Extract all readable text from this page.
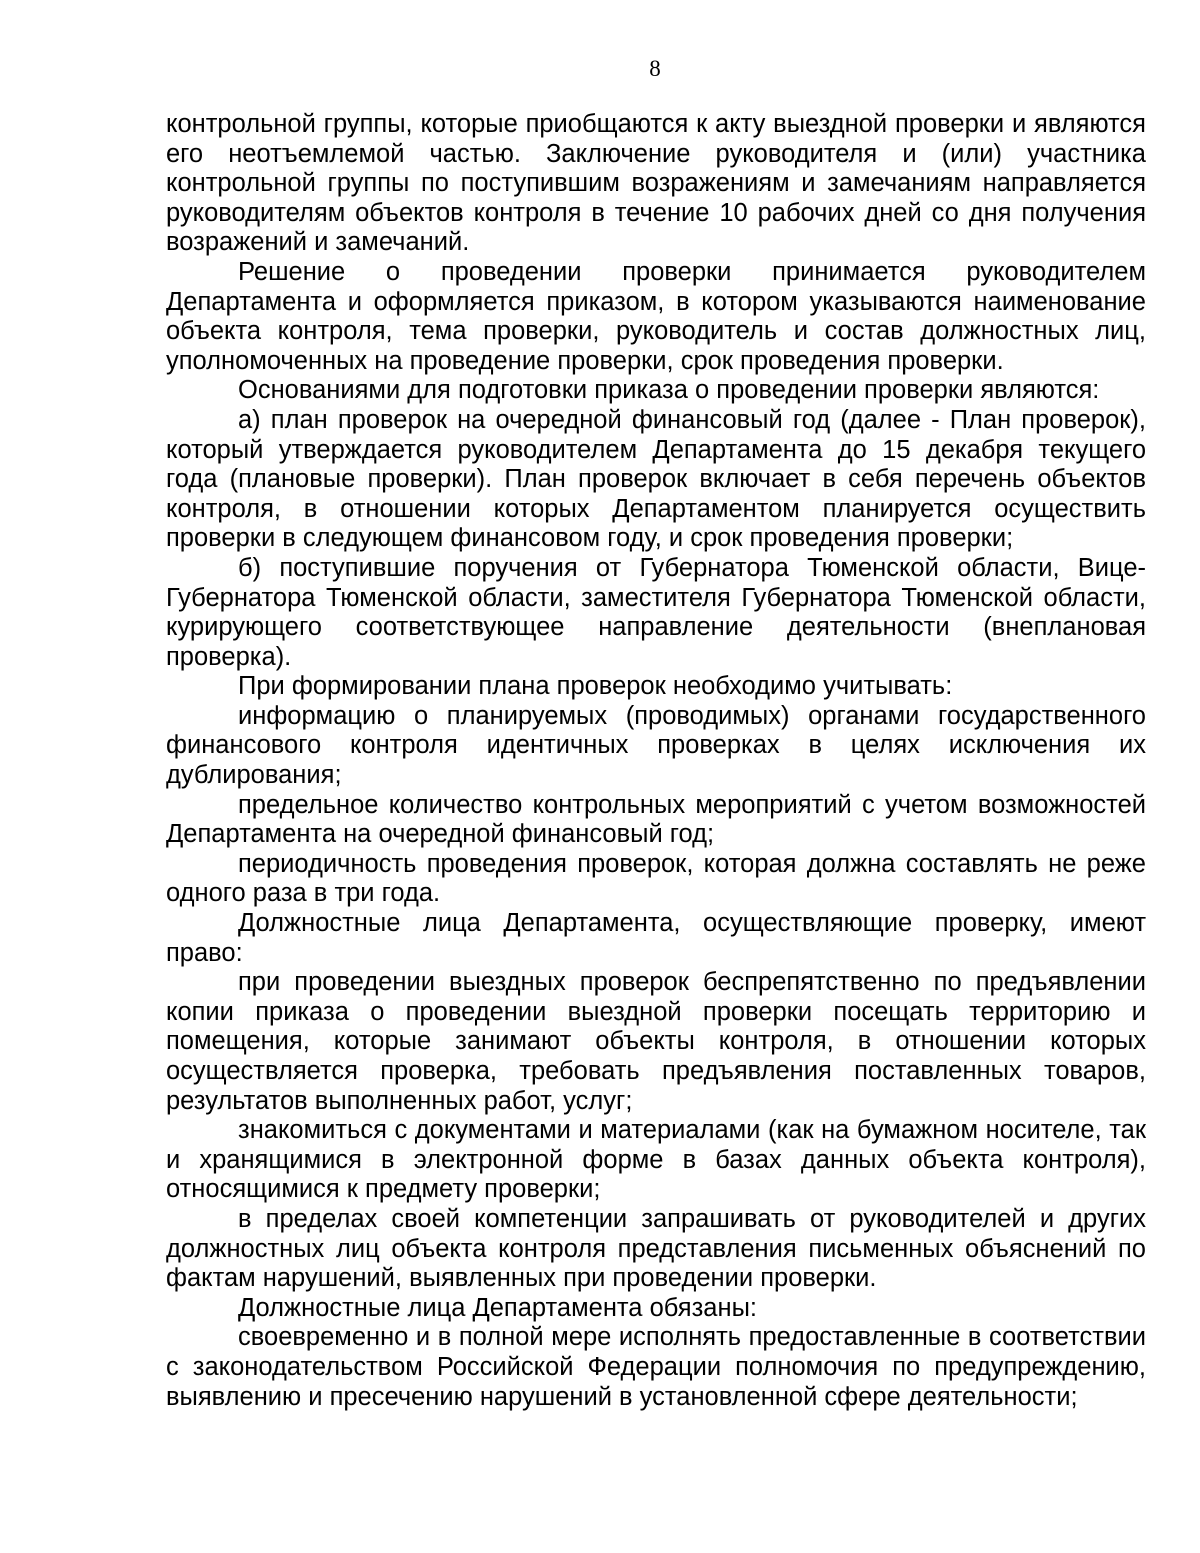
8

контрольной группы, которые приобщаются к акту выездной проверки и являются его неотъемлемой частью. Заключение руководителя и (или) участника контрольной группы по поступившим возражениям и замечаниям направляется руководителям объектов контроля в течение 10 рабочих дней со дня получения возражений и замечаний.

Решение о проведении проверки принимается руководителем Департамента и оформляется приказом, в котором указываются наименование объекта контроля, тема проверки, руководитель и состав должностных лиц, уполномоченных на проведение проверки, срок проведения проверки.

Основаниями для подготовки приказа о проведении проверки являются:

а) план проверок на очередной финансовый год (далее - План проверок), который утверждается руководителем Департамента до 15 декабря текущего года (плановые проверки). План проверок включает в себя перечень объектов контроля, в отношении которых Департаментом планируется осуществить проверки в следующем финансовом году, и срок проведения проверки;

б) поступившие поручения от Губернатора Тюменской области, Вице-Губернатора Тюменской области, заместителя Губернатора Тюменской области, курирующего соответствующее направление деятельности (внеплановая проверка).

При формировании плана проверок необходимо учитывать:

информацию о планируемых (проводимых) органами государственного финансового контроля идентичных проверках в целях исключения их дублирования;

предельное количество контрольных мероприятий с учетом возможностей Департамента на очередной финансовый год;

периодичность проведения проверок, которая должна составлять не реже одного раза в три года.

Должностные лица Департамента, осуществляющие проверку, имеют право:

при проведении выездных проверок беспрепятственно по предъявлении копии приказа о проведении выездной проверки посещать территорию и помещения, которые занимают объекты контроля, в отношении которых осуществляется проверка, требовать предъявления поставленных товаров, результатов выполненных работ, услуг;

знакомиться с документами и материалами (как на бумажном носителе, так и хранящимися в электронной форме в базах данных объекта контроля), относящимися к предмету проверки;

в пределах своей компетенции запрашивать от руководителей и других должностных лиц объекта контроля представления письменных объяснений по фактам нарушений, выявленных при проведении проверки.

Должностные лица Департамента обязаны:

своевременно и в полной мере исполнять предоставленные в соответствии с законодательством Российской Федерации полномочия по предупреждению, выявлению и пресечению нарушений в установленной сфере деятельности;
